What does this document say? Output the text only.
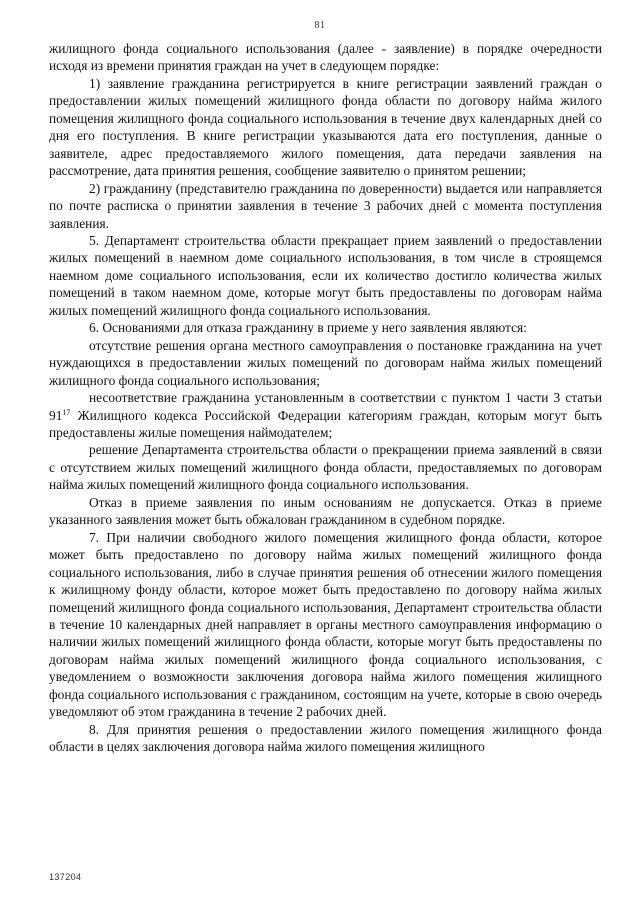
81

жилищного фонда социального использования (далее - заявление) в порядке очередности исходя из времени принятия граждан на учет в следующем порядке:

1) заявление гражданина регистрируется в книге регистрации заявлений граждан о предоставлении жилых помещений жилищного фонда области по договору найма жилого помещения жилищного фонда социального использования в течение двух календарных дней со дня его поступления. В книге регистрации указываются дата его поступления, данные о заявителе, адрес предоставляемого жилого помещения, дата передачи заявления на рассмотрение, дата принятия решения, сообщение заявителю о принятом решении;

2) гражданину (представителю гражданина по доверенности) выдается или направляется по почте расписка о принятии заявления в течение 3 рабочих дней с момента поступления заявления.

5. Департамент строительства области прекращает прием заявлений о предоставлении жилых помещений в наемном доме социального использования, в том числе в строящемся наемном доме социального использования, если их количество достигло количества жилых помещений в таком наемном доме, которые могут быть предоставлены по договорам найма жилых помещений жилищного фонда социального использования.

6. Основаниями для отказа гражданину в приеме у него заявления являются:

отсутствие решения органа местного самоуправления о постановке гражданина на учет нуждающихся в предоставлении жилых помещений по договорам найма жилых помещений жилищного фонда социального использования;

несоответствие гражданина установленным в соответствии с пунктом 1 части 3 статьи $91^{17}$ Жилищного кодекса Российской Федерации категориям граждан, которым могут быть предоставлены жилые помещения наймодателем;

решение Департамента строительства области о прекращении приема заявлений в связи с отсутствием жилых помещений жилищного фонда области, предоставляемых по договорам найма жилых помещений жилищного фонда социального использования.

Отказ в приеме заявления по иным основаниям не допускается. Отказ в приеме указанного заявления может быть обжалован гражданином в судебном порядке.

7. При наличии свободного жилого помещения жилищного фонда области, которое может быть предоставлено по договору найма жилых помещений жилищного фонда социального использования, либо в случае принятия решения об отнесении жилого помещения к жилищному фонду области, которое может быть предоставлено по договору найма жилых помещений жилищного фонда социального использования, Департамент строительства области в течение 10 календарных дней направляет в органы местного самоуправления информацию о наличии жилых помещений жилищного фонда области, которые могут быть предоставлены по договорам найма жилых помещений жилищного фонда социального использования, с уведомлением о возможности заключения договора найма жилого помещения жилищного фонда социального использования с гражданином, состоящим на учете, которые в свою очередь уведомляют об этом гражданина в течение 2 рабочих дней.

8. Для принятия решения о предоставлении жилого помещения жилищного фонда области в целях заключения договора найма жилого помещения жилищного

137204
